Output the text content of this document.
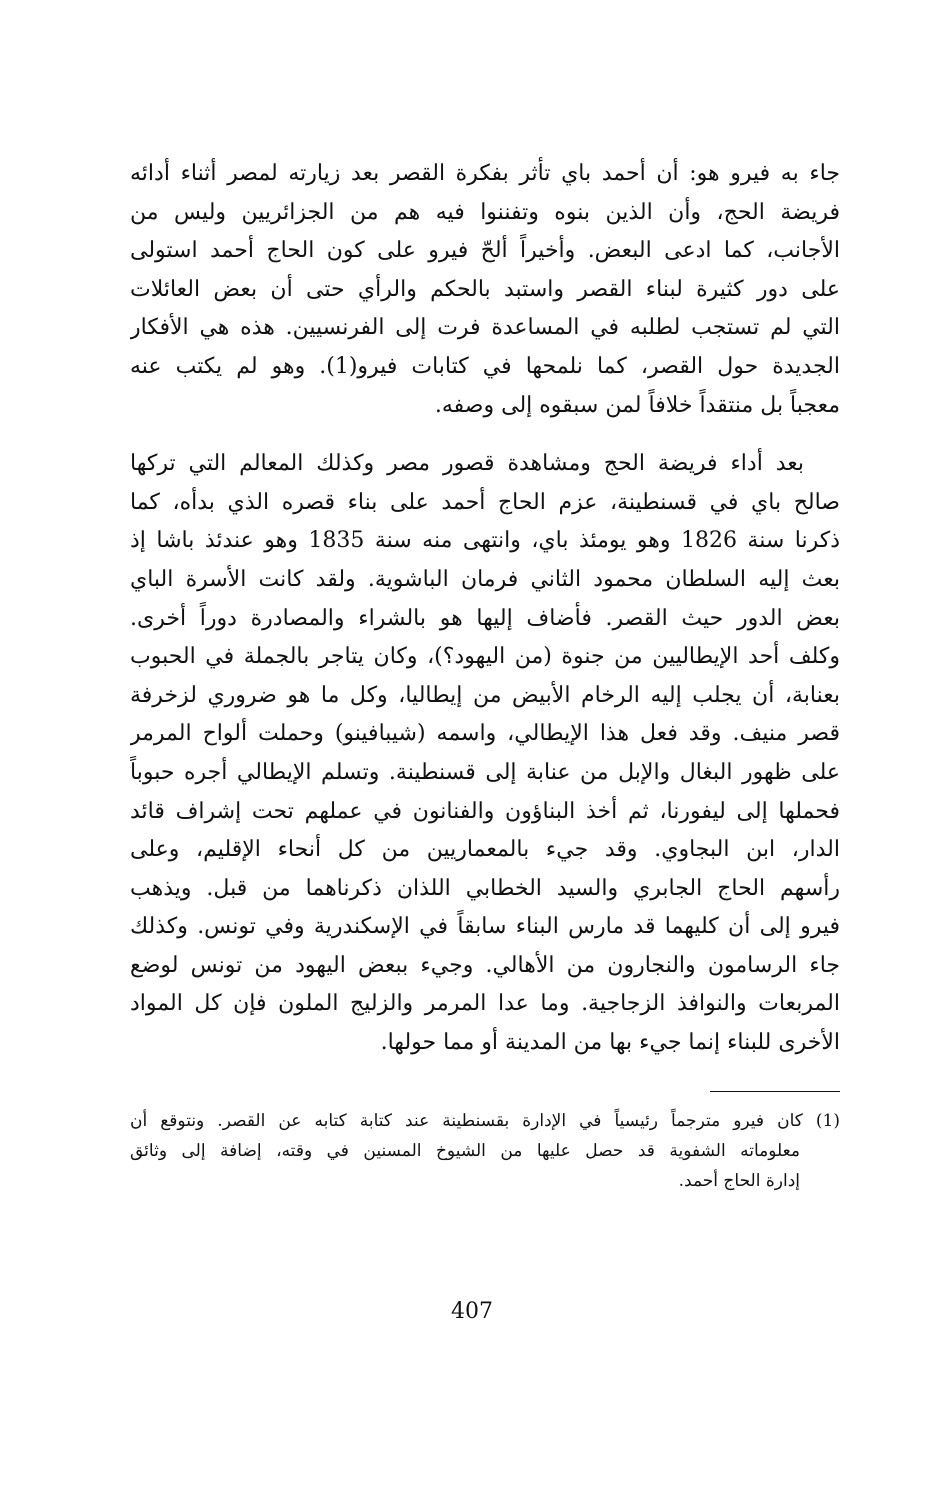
جاء به فيرو هو: أن أحمد باي تأثر بفكرة القصر بعد زيارته لمصر أثناء أدائه
فريضة الحج، وأن الذين بنوه وتفننوا فيه هم من الجزائريين وليس من
الأجانب، كما ادعى البعض. وأخيراً ألحّ فيرو على كون الحاج أحمد استولى
على دور كثيرة لبناء القصر واستبد بالحكم والرأي حتى أن بعض العائلات
التي لم تستجب لطلبه في المساعدة فرت إلى الفرنسيين. هذه هي الأفكار
الجديدة حول القصر، كما نلمحها في كتابات فيرو(1). وهو لم يكتب عنه
معجباً بل منتقداً خلافاً لمن سبقوه إلى وصفه.
بعد أداء فريضة الحج ومشاهدة قصور مصر وكذلك المعالم التي تركها
صالح باي في قسنطينة، عزم الحاج أحمد على بناء قصره الذي بدأه، كما
ذكرنا سنة 1826 وهو يومئذ باي، وانتهى منه سنة 1835 وهو عندئذ باشا إذ
بعث إليه السلطان محمود الثاني فرمان الباشوية. ولقد كانت الأسرة الباي
بعض الدور حيث القصر. فأضاف إليها هو بالشراء والمصادرة دوراً أخرى.
وكلف أحد الإيطاليين من جنوة (من اليهود؟)، وكان يتاجر بالجملة في الحبوب
بعنابة، أن يجلب إليه الرخام الأبيض من إيطاليا، وكل ما هو ضروري لزخرفة
قصر منيف. وقد فعل هذا الإيطالي، واسمه (شيبافينو) وحملت ألواح المرمر
على ظهور البغال والإبل من عنابة إلى قسنطينة. وتسلم الإيطالي أجره حبوباً
فحملها إلى ليفورنا، ثم أخذ البناؤون والفنانون في عملهم تحت إشراف قائد
الدار، ابن البجاوي. وقد جيء بالمعماريين من كل أنحاء الإقليم، وعلى
رأسهم الحاج الجابري والسيد الخطابي اللذان ذكرناهما من قبل. ويذهب
فيرو إلى أن كليهما قد مارس البناء سابقاً في الإسكندرية وفي تونس. وكذلك
جاء الرسامون والنجارون من الأهالي. وجيء ببعض اليهود من تونس لوضع
المربعات والنوافذ الزجاجية. وما عدا المرمر والزليج الملون فإن كل المواد
الأخرى للبناء إنما جيء بها من المدينة أو مما حولها.
(1) كان فيرو مترجماً رئيسياً في الإدارة بقسنطينة عند كتابة كتابه عن القصر. ونتوقع أن
معلوماته الشفوية قد حصل عليها من الشيوخ المسنين في وقته، إضافة إلى وثائق
إدارة الحاج أحمد.
407
